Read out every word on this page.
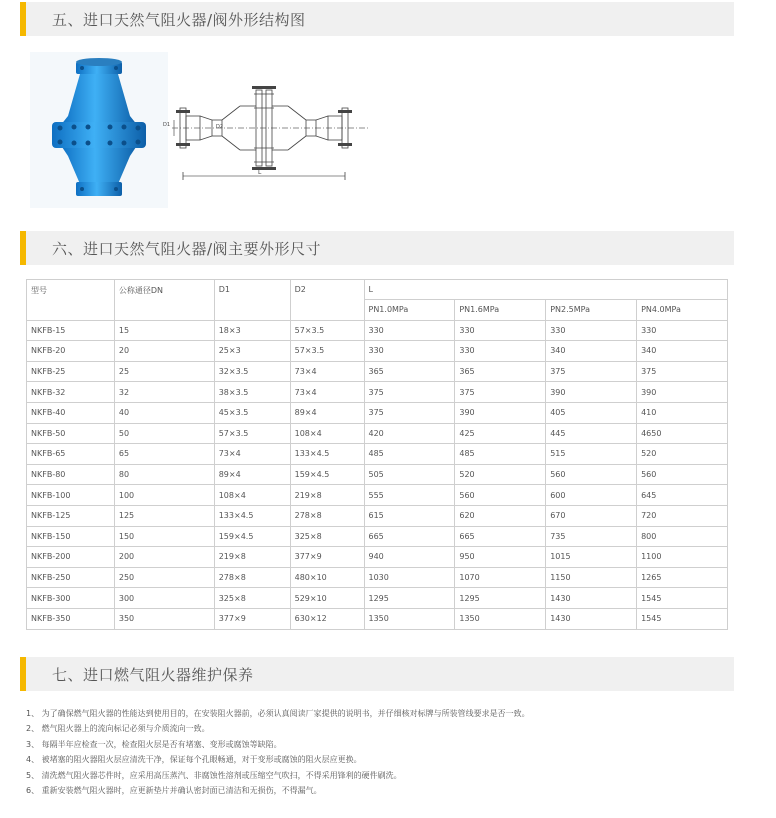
五、进口天然气阻火器/阀外形结构图
L
D1	D2
六、进口天然气阻火器/阀主要外形尺寸
型号	公称通径DN	D1	D2	L			
				PN1.0MPa	PN1.6MPa	PN2.5MPa	PN4.0MPa
NKFB-15	15	18×3	57×3.5	330	330	330	330
NKFB-20	20	25×3	57×3.5	330	330	340	340
NKFB-25	25	32×3.5	73×4	365	365	375	375
NKFB-32	32	38×3.5	73×4	375	375	390	390
NKFB-40	40	45×3.5	89×4	375	390	405	410
NKFB-50	50	57×3.5	108×4	420	425	445	4650
NKFB-65	65	73×4	133×4.5	485	485	515	520
NKFB-80	80	89×4	159×4.5	505	520	560	560
NKFB-100	100	108×4	219×8	555	560	600	645
NKFB-125	125	133×4.5	278×8	615	620	670	720
NKFB-150	150	159×4.5	325×8	665	665	735	800
NKFB-200	200	219×8	377×9	940	950	1015	1100
NKFB-250	250	278×8	480×10	1030	1070	1150	1265
NKFB-300	300	325×8	529×10	1295	1295	1430	1545
NKFB-350	350	377×9	630×12	1350	1350	1430	1545
七、进口燃气阻火器维护保养
1、 为了确保燃气阻火器的性能达到使用目的，在安装阻火器前，必须认真阅读厂家提供的说明书，并仔细核对标牌与所装管线要求是否一致。
2、 燃气阻火器上的流向标记必须与介质流向一致。
3、 每隔半年应检查一次，检查阻火层是否有堵塞、变形或腐蚀等缺陷。
4、 被堵塞的阻火器阻火层应清洗干净，保证每个孔眼畅通，对于变形或腐蚀的阻火层应更换。
5、 清洗燃气阻火器芯件时，应采用高压蒸汽、非腐蚀性溶剂或压缩空气吹扫，不得采用锋利的硬件刷洗。
6、 重新安装燃气阻火器时，应更新垫片并确认密封面已清洁和无损伤，不得漏气。
